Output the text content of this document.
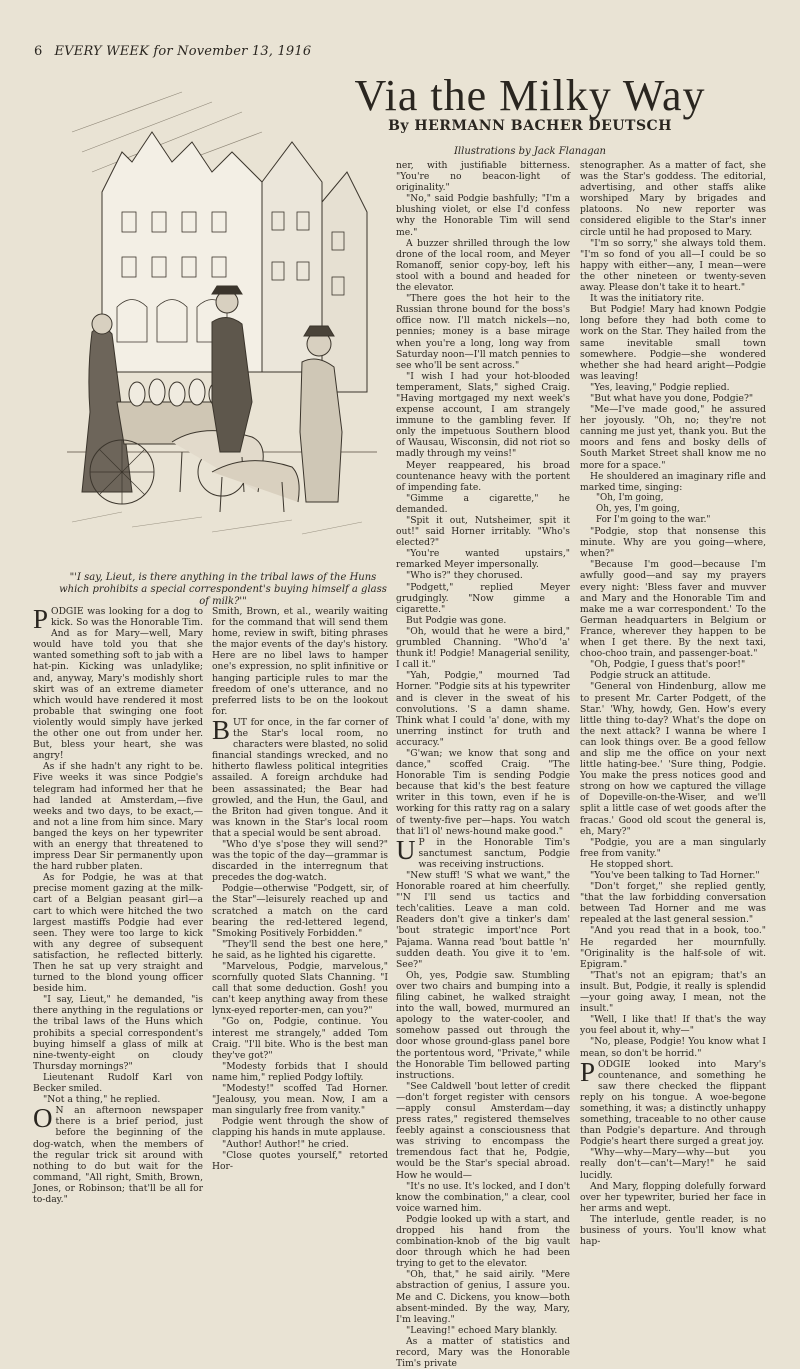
6 EVERY WEEK for November 13, 1916
Via the Milky Way
By HERMANN BACHER DEUTSCH
Illustrations by Jack Flanagan
"'I say, Lieut, is there anything in the tribal laws of the Huns which prohibits a special correspondent's buying himself a glass of milk?'"

PODGIE was looking for a dog to kick. So was the Honorable Tim. And as for Mary—well, Mary would have told you that she wanted something soft to jab with a hat-pin. Kicking was unladylike; and, anyway, Mary's modishly short skirt was of an extreme diameter which would have rendered it most probable that swinging one foot violently would simply have jerked the other one out from under her. But, bless your heart, she was angry!

As if she hadn't any right to be. Five weeks it was since Podgie's telegram had informed her that he had landed at Amsterdam,—five weeks and two days, to be exact,—and not a line from him since. Mary banged the keys on her typewriter with an energy that threatened to impress Dear Sir permanently upon the hard rubber platen.

As for Podgie, he was at that precise moment gazing at the milk-cart of a Belgian peasant girl—a cart to which were hitched the two largest mastiffs Podgie had ever seen. They were too large to kick with any degree of subsequent satisfaction, he reflected bitterly. Then he sat up very straight and turned to the blond young officer beside him.

"I say, Lieut," he demanded, "is there anything in the regulations or the tribal laws of the Huns which prohibits a special correspondent's buying himself a glass of milk at nine-twenty-eight on cloudy Thursday mornings?"

Lieutenant Rudolf Karl von Becker smiled.

"Not a thing," he replied.

O N an afternoon newspaper there is a brief period, just before the beginning of the dog-watch, when the members of the regular trick sit around with nothing to do but wait for the command, "All right, Smith, Brown, Jones, or Robinson; that'll be all for to-day."

Smith, Brown, et al., wearily waiting for the command that will send them home, review in swift, biting phrases the major events of the day's history. Here are no libel laws to hamper one's expression, no split infinitive or hanging participle rules to mar the freedom of one's utterance, and no preferred lists to be on the lookout for.

BUT for once, in the far corner of the Star's local room, no characters were blasted, no solid financial standings wrecked, and no hitherto flawless political integrities assailed. A foreign archduke had been assassinated; the Bear had growled, and the Hun, the Gaul, and the Briton had given tongue. And it was known in the Star's local room that a special would be sent abroad.

"Who d'ye s'pose they will send?" was the topic of the day—grammar is discarded in the interregnum that precedes the dog-watch.

Podgie—otherwise "Podgett, sir, of the Star"—leisurely reached up and scratched a match on the card bearing the red-lettered legend, "Smoking Positively Forbidden."

"They'll send the best one here," he said, as he lighted his cigarette.

"Marvelous, Podgie, marvelous," scornfully quoted Slats Channing. "I call that some deduction. Gosh! you can't keep anything away from these lynx-eyed reporter-men, can you?"

"Go on, Podgie, continue. You interest me strangely," added Tom Craig. "I'll bite. Who is the best man they've got?"

"Modesty forbids that I should name him," replied Podgy loftily.

"Modesty!" scoffed Tad Horner. "Jealousy, you mean. Now, I am a man singularly free from vanity."

Podgie went through the show of clapping his hands in mute applause.

"Author! Author!" he cried.

"Close quotes yourself," retorted Hor-

ner, with justifiable bitterness. "You're no beacon-light of originality."

"No," said Podgie bashfully; "I'm a blushing violet, or else I'd confess why the Honorable Tim will send me."

A buzzer shrilled through the low drone of the local room, and Meyer Romanoff, senior copy-boy, left his stool with a bound and headed for the elevator.

"There goes the hot heir to the Russian throne bound for the boss's office now. I'll match nickels—no, pennies; money is a base mirage when you're a long, long way from Saturday noon—I'll match pennies to see who'll be sent across."

"I wish I had your hot-blooded temperament, Slats," sighed Craig. "Having mortgaged my next week's expense account, I am strangely immune to the gambling fever. If only the impetuous Southern blood of Wausau, Wisconsin, did not riot so madly through my veins!"

Meyer reappeared, his broad countenance heavy with the portent of impending fate.

"Gimme a cigarette," he demanded.

"Spit it out, Nutsheimer, spit it out!" said Horner irritably. "Who's elected?"

"You're wanted upstairs," remarked Meyer impersonally.

"Who is?" they chorused.

"Podgett," replied Meyer grudgingly. "Now gimme a cigarette."

But Podgie was gone.

"Oh, would that he were a bird," grumbled Channing. "Who'd 'a' thunk it! Podgie! Managerial senility, I call it."

"Yah, Podgie," mourned Tad Horner. "Podgie sits at his typewriter and is clever in the sweat of his convolutions. 'S a damn shame. Think what I could 'a' done, with my unerring instinct for truth and accuracy."

"G'wan; we know that song and dance," scoffed Craig. "The Honorable Tim is sending Podgie because that kid's the best feature writer in this town, even if he is working for this ratty rag on a salary of twenty-five per—haps. You watch that li'l ol' news-hound make good."

U P in the Honorable Tim's sanctumest sanctum, Podgie was receiving instructions.

"New stuff! 'S what we want," the Honorable roared at him cheerfully. "'N I'll send us tactics and tech'calities. Leave a man cold. Readers don't give a tinker's dam' 'bout strategic import'nce Port Pajama. Wanna read 'bout battle 'n' sudden death. You give it to 'em. See?"

Oh, yes, Podgie saw. Stumbling over two chairs and bumping into a filing cabinet, he walked straight into the wall, bowed, murmured an apology to the water-cooler, and somehow passed out through the door whose ground-glass panel bore the portentous word, "Private," while the Honorable Tim bellowed parting instructions.

"See Caldwell 'bout letter of credit—don't forget register with censors—apply consul Amsterdam—day press rates," registered themselves feebly against a consciousness that was striving to encompass the tremendous fact that he, Podgie, would be the Star's special abroad. How he would—

"It's no use. It's locked, and I don't know the combination," a clear, cool voice warned him.

Podgie looked up with a start, and dropped his hand from the combination-knob of the big vault door through which he had been trying to get to the elevator.

"Oh, that," he said airily. "Mere abstraction of genius, I assure you. Me and C. Dickens, you know—both absent-minded. By the way, Mary, I'm leaving."

"Leaving!" echoed Mary blankly.

As a matter of statistics and record, Mary was the Honorable Tim's private

stenographer. As a matter of fact, she was the Star's goddess. The editorial, advertising, and other staffs alike worshiped Mary by brigades and platoons. No new reporter was considered eligible to the Star's inner circle until he had proposed to Mary.

"I'm so sorry," she always told them. "I'm so fond of you all—I could be so happy with either—any, I mean—were the other nineteen or twenty-seven away. Please don't take it to heart."

It was the initiatory rite.

But Podgie! Mary had known Podgie long before they had both come to work on the Star. They hailed from the same inevitable small town somewhere. Podgie—she wondered whether she had heard aright—Podgie was leaving!

"Yes, leaving," Podgie replied.

"But what have you done, Podgie?"

"Me—I've made good," he assured her joyously. "Oh, no; they're not canning me just yet, thank you. But the moors and fens and bosky dells of South Market Street shall know me no more for a space."

He shouldered an imaginary rifle and marked time, singing:

"Oh, I'm going,

Oh, yes, I'm going,

For I'm going to the war."

"Podgie, stop that nonsense this minute. Why are you going—where, when?"

"Because I'm good—because I'm awfully good—and say my prayers every night: 'Bless faver and muvver and Mary and the Honorable Tim and make me a war correspondent.' To the German headquarters in Belgium or France, wherever they happen to be when I get there. By the next taxi, choo-choo train, and passenger-boat."

"Oh, Podgie, I guess that's poor!"

Podgie struck an attitude.

"General von Hindenburg, allow me to present Mr. Carter Podgett, of the Star.' 'Why, howdy, Gen. How's every little thing to-day? What's the dope on the next attack? I wanna be where I can look things over. Be a good fellow and slip me the office on your next little hating-bee.' 'Sure thing, Podgie. You make the press notices good and strong on how we captured the village of Dopeville-on-the-Wiser, and we'll split a little case of wet goods after the fracas.' Good old scout the general is, eh, Mary?"

"Podgie, you are a man singularly free from vanity."

He stopped short.

"You've been talking to Tad Horner."

"Don't forget," she replied gently, "that the law forbidding conversation between Tad Horner and me was repealed at the last general session."

"And you read that in a book, too." He regarded her mournfully. "Originality is the half-sole of wit. Epigram."

"That's not an epigram; that's an insult. But, Podgie, it really is splendid—your going away, I mean, not the insult."

"Well, I like that! If that's the way you feel about it, why—"

"No, please, Podgie! You know what I mean, so don't be horrid."

PODGIE looked into Mary's countenance, and something he saw there checked the flippant reply on his tongue. A woe-begone something, it was; a distinctly unhappy something, traceable to no other cause than Podgie's departure. And through Podgie's heart there surged a great joy.

"Why—why—Mary—why—but you really don't—can't—Mary!" he said lucidly.

And Mary, flopping dolefully forward over her typewriter, buried her face in her arms and wept.

The interlude, gentle reader, is no business of yours. You'll know what hap-
